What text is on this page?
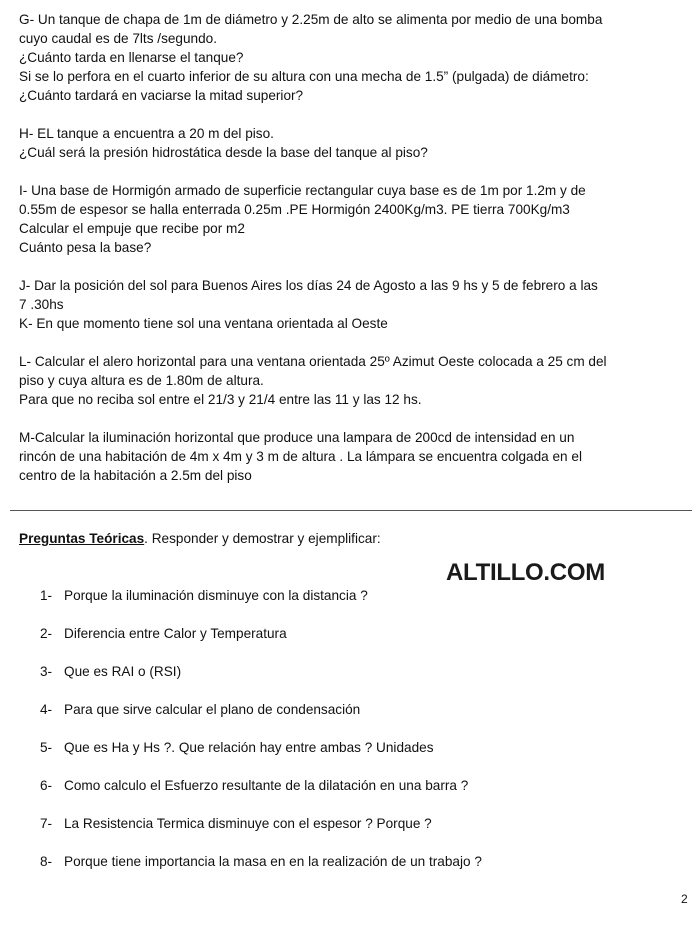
G- Un tanque de chapa de 1m de diámetro y 2.25m de alto se alimenta por medio de una bomba
cuyo caudal es de 7lts /segundo.
¿Cuánto tarda en llenarse el tanque?
Si se lo perfora en el cuarto inferior de su altura con una mecha de 1.5” (pulgada) de diámetro:
¿Cuánto tardará en vaciarse la mitad superior?
H- EL tanque a encuentra a 20 m del piso.
¿Cuál será la presión hidrostática desde la base del tanque al piso?
I- Una base de Hormigón armado de superficie rectangular cuya base es de 1m por 1.2m y de
0.55m de espesor se halla enterrada 0.25m .PE Hormigón 2400Kg/m3. PE tierra 700Kg/m3
Calcular el empuje que recibe por m2
Cuánto pesa la base?
J- Dar la posición del sol para Buenos Aires los días 24 de Agosto a las 9 hs y 5 de febrero a las
7 .30hs
K- En que momento tiene sol una ventana orientada al Oeste
L- Calcular el alero horizontal para una ventana orientada 25º Azimut Oeste colocada a 25 cm del
piso y cuya altura es de 1.80m de altura.
Para que no reciba sol entre el 21/3 y 21/4 entre las 11 y las 12 hs.
M-Calcular la iluminación horizontal que produce una lampara de 200cd de intensidad en un
rincón de una habitación de 4m x 4m y 3 m de altura . La lámpara se encuentra colgada en el
centro de la habitación a 2.5m del piso
Preguntas Teóricas. Responder y demostrar y ejemplificar:
ALTILLO.COM
1- Porque la iluminación disminuye con la distancia ?
2- Diferencia entre Calor y Temperatura
3- Que es RAI o (RSI)
4- Para que sirve calcular el plano de condensación
5- Que es Ha y Hs ?. Que relación hay entre ambas ? Unidades
6- Como calculo el Esfuerzo resultante de la dilatación en una barra ?
7- La Resistencia Termica disminuye con el espesor ? Porque ?
8- Porque tiene importancia la masa en en la realización de un trabajo ?
2
